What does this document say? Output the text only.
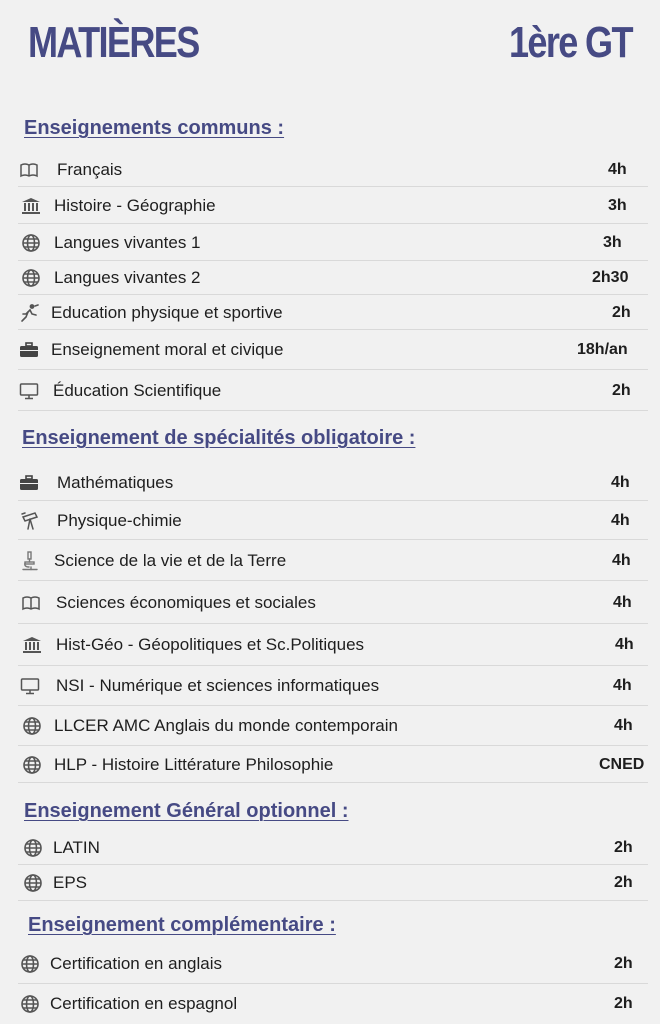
MATIÈRES	1ère GT
Enseignements communs :
Français	4h
Histoire - Géographie	3h
Langues vivantes 1	3h
Langues vivantes 2	2h30
Education physique et sportive	2h
Enseignement moral et civique	18h/an
Éducation Scientifique	2h
Enseignement de spécialités obligatoire :
Mathématiques	4h
Physique-chimie	4h
Science de la vie et de la Terre	4h
Sciences économiques et sociales	4h
Hist-Géo - Géopolitiques et Sc.Politiques	4h
NSI - Numérique et sciences informatiques	4h
LLCER AMC Anglais du monde contemporain	4h
HLP - Histoire Littérature Philosophie	CNED
Enseignement Général optionnel :
LATIN	2h
EPS	2h
Enseignement complémentaire :
Certification en anglais	2h
Certification en espagnol	2h
